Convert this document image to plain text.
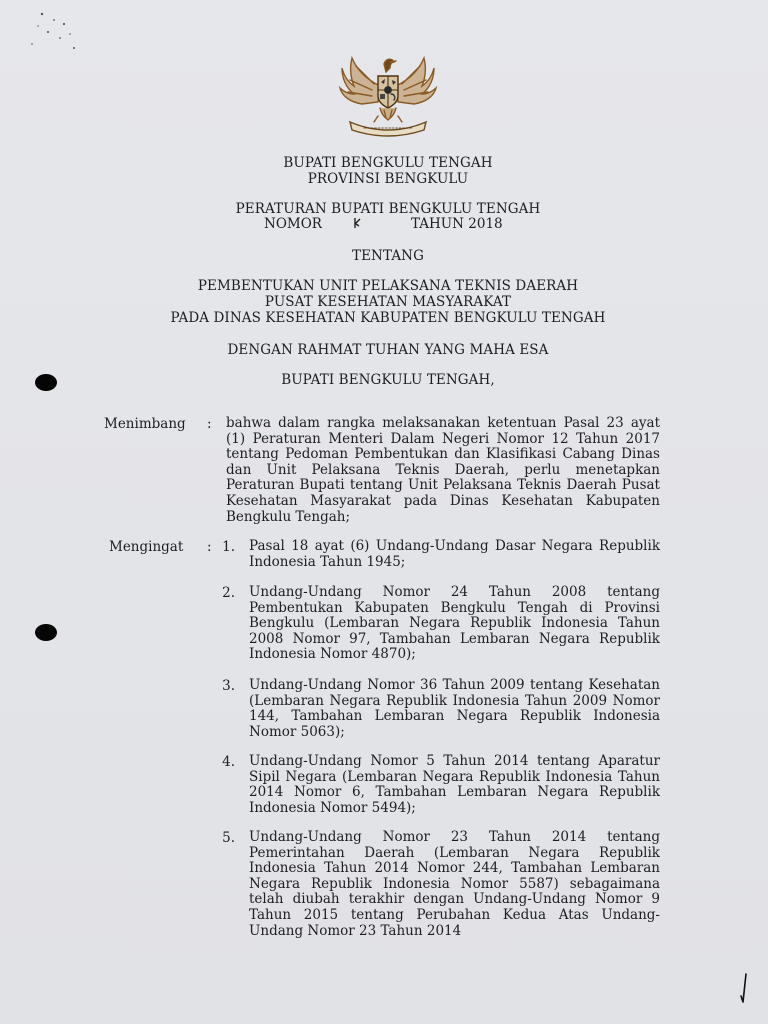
BUPATI BENGKULU TENGAH
PROVINSI BENGKULU
PERATURAN BUPATI BENGKULU TENGAH
NOMOR	TAHUN 2018
TENTANG
PEMBENTUKAN UNIT PELAKSANA TEKNIS DAERAH
PUSAT KESEHATAN MASYARAKAT
PADA DINAS KESEHATAN KABUPATEN BENGKULU TENGAH
DENGAN RAHMAT TUHAN YANG MAHA ESA
BUPATI BENGKULU TENGAH,
Menimbang : bahwa dalam rangka melaksanakan ketentuan Pasal 23 ayat (1) Peraturan Menteri Dalam Negeri Nomor 12 Tahun 2017 tentang Pedoman Pembentukan dan Klasifikasi Cabang Dinas dan Unit Pelaksana Teknis Daerah, perlu menetapkan Peraturan Bupati tentang Unit Pelaksana Teknis Daerah Pusat Kesehatan Masyarakat pada Dinas Kesehatan Kabupaten Bengkulu Tengah;

Mengingat : 1. Pasal 18 ayat (6) Undang-Undang Dasar Negara Republik Indonesia Tahun 1945;

2. Undang-Undang Nomor 24 Tahun 2008 tentang Pembentukan Kabupaten Bengkulu Tengah di Provinsi Bengkulu (Lembaran Negara Republik Indonesia Tahun 2008 Nomor 97, Tambahan Lembaran Negara Republik Indonesia Nomor 4870);

3. Undang-Undang Nomor 36 Tahun 2009 tentang Kesehatan (Lembaran Negara Republik Indonesia Tahun 2009 Nomor 144, Tambahan Lembaran Negara Republik Indonesia Nomor 5063);

4. Undang-Undang Nomor 5 Tahun 2014 tentang Aparatur Sipil Negara (Lembaran Negara Republik Indonesia Tahun 2014 Nomor 6, Tambahan Lembaran Negara Republik Indonesia Nomor 5494);

5. Undang-Undang Nomor 23 Tahun 2014 tentang Pemerintahan Daerah (Lembaran Negara Republik Indonesia Tahun 2014 Nomor 244, Tambahan Lembaran Negara Republik Indonesia Nomor 5587) sebagaimana telah diubah terakhir dengan Undang-Undang Nomor 9 Tahun 2015 tentang Perubahan Kedua Atas Undang-Undang Nomor 23 Tahun 2014
